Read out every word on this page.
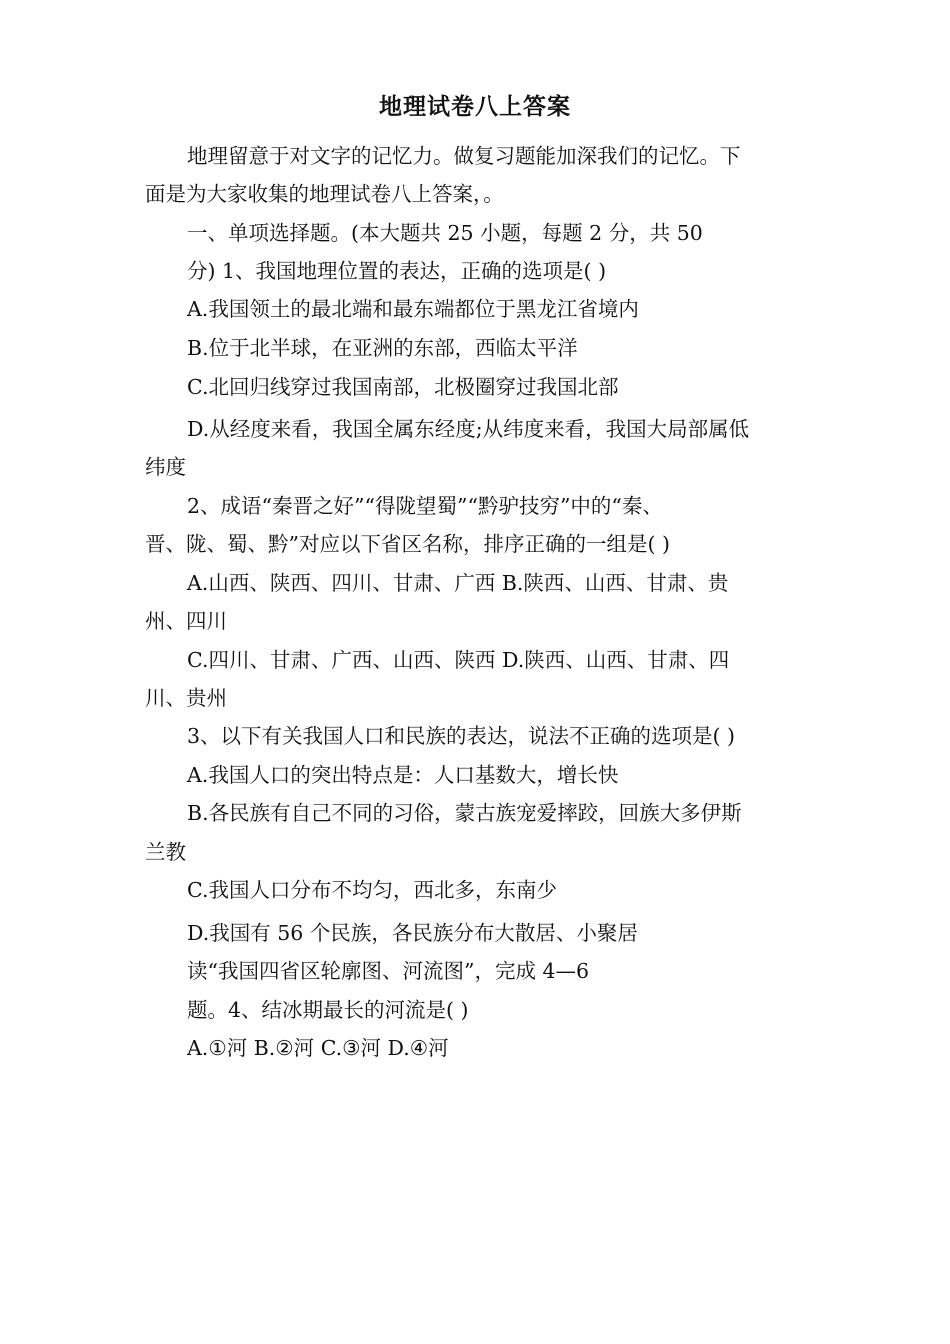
地理试卷八上答案
地理留意于对文字的记忆力。做复习题能加深我们的记忆。下
面是为大家收集的地理试卷八上答案，。
一、单项选择题。(本大题共 25 小题，每题 2 分，共 50
分) 1、我国地理位置的表达，正确的选项是( )
A.我国领土的最北端和最东端都位于黑龙江省境内
B.位于北半球，在亚洲的东部，西临太平洋
C.北回归线穿过我国南部，北极圈穿过我国北部
D.从经度来看，我国全属东经度;从纬度来看，我国大局部属低
纬度
2、成语“秦晋之好”“得陇望蜀”“黔驴技穷”中的“秦、
晋、陇、蜀、黔”对应以下省区名称，排序正确的一组是( )
A.山西、陕西、四川、甘肃、广西 B.陕西、山西、甘肃、贵
州、四川
C.四川、甘肃、广西、山西、陕西 D.陕西、山西、甘肃、四
川、贵州
3、以下有关我国人口和民族的表达，说法不正确的选项是( )
A.我国人口的突出特点是：人口基数大，增长快
B.各民族有自己不同的习俗，蒙古族宠爱摔跤，回族大多伊斯
兰教
C.我国人口分布不均匀，西北多，东南少
D.我国有 56 个民族，各民族分布大散居、小聚居
读“我国四省区轮廓图、河流图”，完成 4—6
题。4、结冰期最长的河流是( )
A.①河 B.②河 C.③河 D.④河
